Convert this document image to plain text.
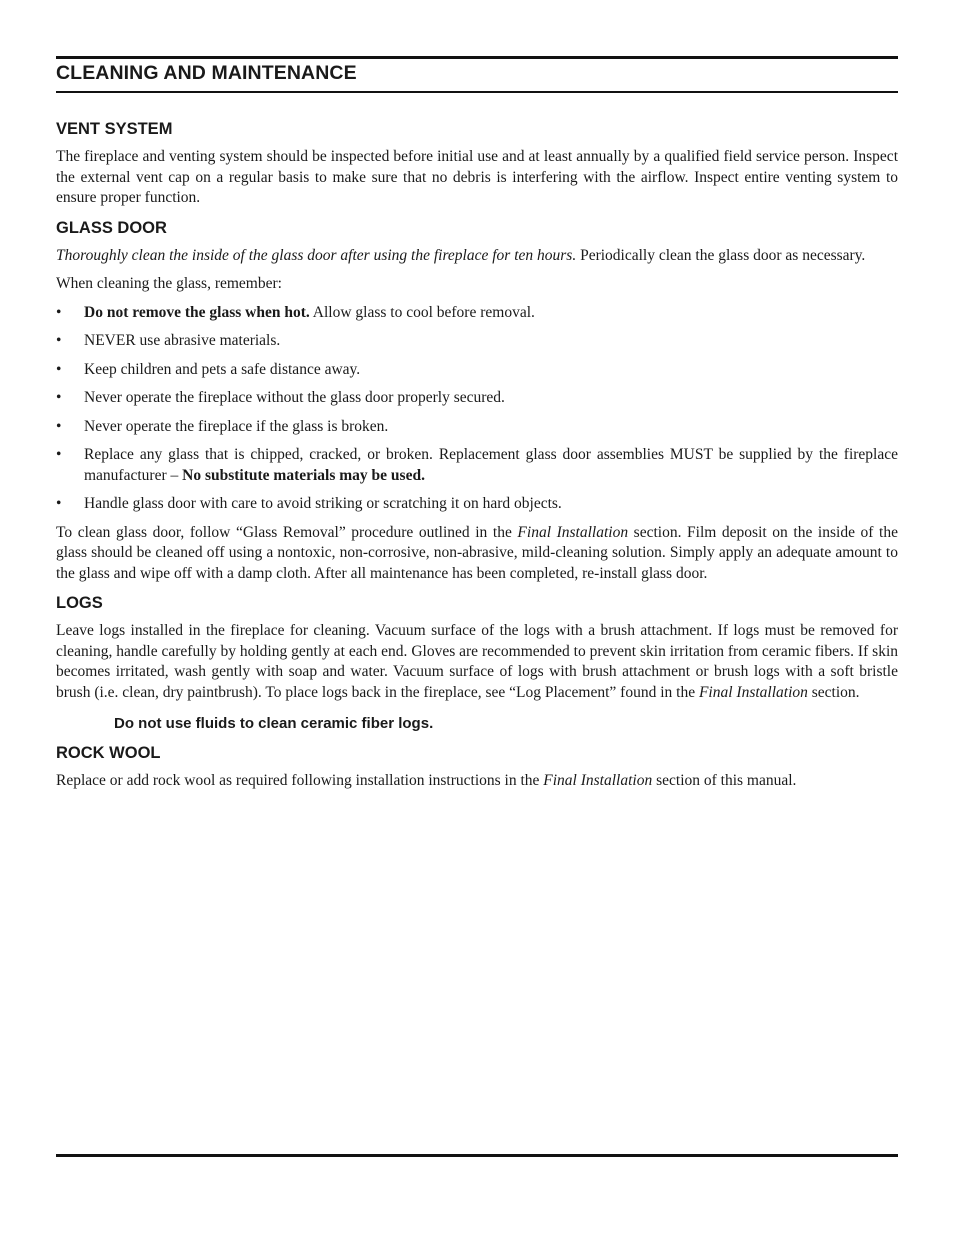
CLEANING AND MAINTENANCE
VENT SYSTEM

The fireplace and venting system should be inspected before initial use and at least annually by a qualified field service person. Inspect the external vent cap on a regular basis to make sure that no debris is interfering with the airflow. Inspect entire venting system to ensure proper function.

GLASS DOOR

Thoroughly clean the inside of the glass door after using the fireplace for ten hours. Periodically clean the glass door as necessary.

When cleaning the glass, remember:

• Do not remove the glass when hot. Allow glass to cool before removal.
• NEVER use abrasive materials.
• Keep children and pets a safe distance away.
• Never operate the fireplace without the glass door properly secured.
• Never operate the fireplace if the glass is broken.
• Replace any glass that is chipped, cracked, or broken. Replacement glass door assemblies MUST be supplied by the fireplace manufacturer – No substitute materials may be used.
• Handle glass door with care to avoid striking or scratching it on hard objects.

To clean glass door, follow “Glass Removal” procedure outlined in the Final Installation section. Film deposit on the inside of the glass should be cleaned off using a nontoxic, non-corrosive, non-abrasive, mild-cleaning solution. Simply apply an adequate amount to the glass and wipe off with a damp cloth. After all maintenance has been completed, re-install glass door.

LOGS

Leave logs installed in the fireplace for cleaning. Vacuum surface of the logs with a brush attachment. If logs must be removed for cleaning, handle carefully by holding gently at each end. Gloves are recommended to prevent skin irritation from ceramic fibers. If skin becomes irritated, wash gently with soap and water. Vacuum surface of logs with brush attachment or brush logs with a soft bristle brush (i.e. clean, dry paintbrush). To place logs back in the fireplace, see “Log Placement” found in the Final Installation section.

Do not use fluids to clean ceramic fiber logs.
ROCK WOOL

Replace or add rock wool as required following installation instructions in the Final Installation section of this manual.
